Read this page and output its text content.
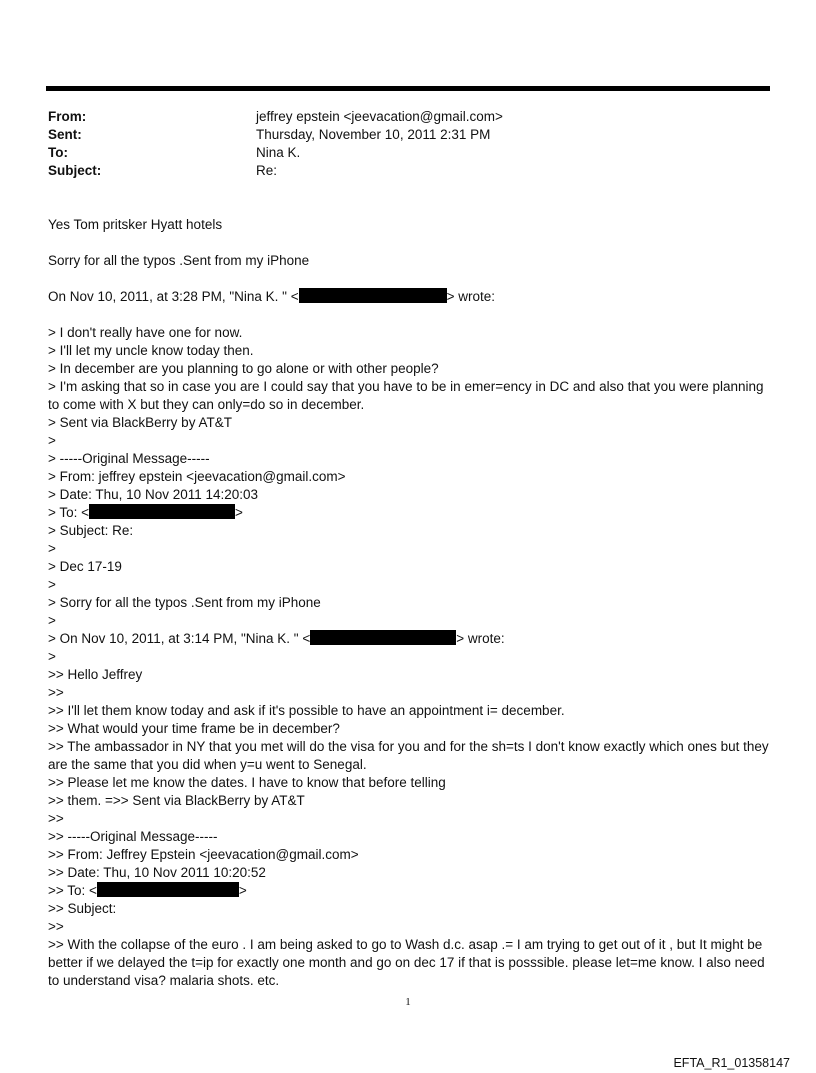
From:	jeffrey epstein <jeevacation@gmail.com>
Sent:	Thursday, November 10, 2011 2:31 PM
To:	Nina K.
Subject:	Re:
Yes Tom pritsker Hyatt hotels
Sorry for all the typos .Sent from my iPhone
On Nov 10, 2011, at 3:28 PM, "Nina K. " <	> wrote:
> I don't really have one for now.
> I'll let my uncle know today then.
> In december are you planning to go alone or with other people?
> I'm asking that so in case you are I could say that you have to be in emer=ency in DC and also that you were planning to come with X but they can only=do so in december.
> Sent via BlackBerry by AT&T
>
> -----Original Message-----
> From: jeffrey epstein <jeevacation@gmail.com>
> Date: Thu, 10 Nov 2011 14:20:03
> To: <	>
> Subject: Re:
>
> Dec 17-19
>
> Sorry for all the typos .Sent from my iPhone
>
> On Nov 10, 2011, at 3:14 PM, "Nina K. " <	> wrote:
>
>> Hello Jeffrey
>>
>> I'll let them know today and ask if it's possible to have an appointment i= december.
>> What would your time frame be in december?
>> The ambassador in NY that you met will do the visa for you and for the sh=ts I don't know exactly which ones but they are the same that you did when y=u went to Senegal.
>> Please let me know the dates. I have to know that before telling
>> them. =>> Sent via BlackBerry by AT&T
>>
>> -----Original Message-----
>> From: Jeffrey Epstein <jeevacation@gmail.com>
>> Date: Thu, 10 Nov 2011 10:20:52
>> To: <	>
>> Subject:
>>
>> With the collapse of the euro . I am being asked to go to Wash d.c. asap .= I am trying to get out of it , but It might be better if we delayed the t=ip for exactly one month and go on dec 17 if that is posssible. please let=me know. I also need to understand visa? malaria shots. etc.
1
EFTA_R1_01358147
